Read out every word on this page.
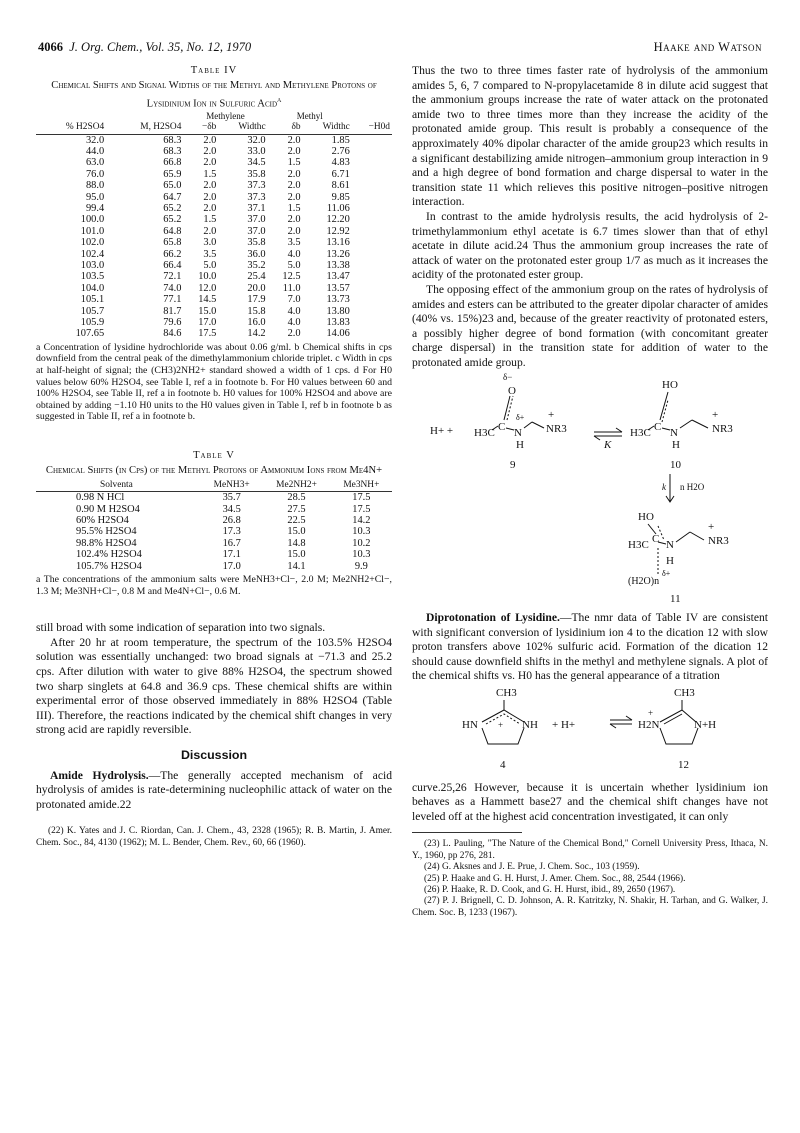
4066 J. Org. Chem., Vol. 35, No. 12, 1970	Haake and Watson

Table IV

Chemical Shifts and Signal Widths of the Methyl and Methylene Protons of Lysidinium Ion in Sulfuric Acid$^a$

		Methylene		Methyl		
% H2SO4	M, H2SO4	−δb	Widthc	δb	Widthc	−H0d
32.0	68.3	2.0	32.0	2.0	1.85	
44.0	68.3	2.0	33.0	2.0	2.76	
63.0	66.8	2.0	34.5	1.5	4.83	
76.0	65.9	1.5	35.8	2.0	6.71	
88.0	65.0	2.0	37.3	2.0	8.61	
95.0	64.7	2.0	37.3	2.0	9.85	
99.4	65.2	2.0	37.1	1.5	11.06	
100.0	65.2	1.5	37.0	2.0	12.20	
101.0	64.8	2.0	37.0	2.0	12.92	
102.0	65.8	3.0	35.8	3.5	13.16	
102.4	66.2	3.5	36.0	4.0	13.26	
103.0	66.4	5.0	35.2	5.0	13.38	
103.5	72.1	10.0	25.4	12.5	13.47	
104.0	74.0	12.0	20.0	11.0	13.57	
105.1	77.1	14.5	17.9	7.0	13.73	
105.7	81.7	15.0	15.8	4.0	13.80	
105.9	79.6	17.0	16.0	4.0	13.83	
107.65	84.6	17.5	14.2	2.0	14.06	

a Concentration of lysidine hydrochloride was about 0.06 g/ml. b Chemical shifts in cps downfield from the central peak of the dimethylammonium chloride triplet. c Width in cps at half-height of signal; the (CH3)2NH2+ standard showed a width of 1 cps. d For H0 values below 60% H2SO4, see Table I, ref a in footnote b. For H0 values between 60 and 100% H2SO4, see Table II, ref a in footnote b. H0 values for 100% H2SO4 and above are obtained by adding −1.10 H0 units to the H0 values given in Table I, ref b in footnote b as suggested in Table II, ref a in footnote b.

Table V

Chemical Shifts (in Cps) of the Methyl Protons of Ammonium Ions from Me4N+

Solventa	MeNH3+	Me2NH2+	Me3NH+
0.98 N HCl	35.7	28.5	17.5
0.90 M H2SO4	34.5	27.5	17.5
60% H2SO4	26.8	22.5	14.2
95.5% H2SO4	17.3	15.0	10.3
98.8% H2SO4	16.7	14.8	10.2
102.4% H2SO4	17.1	15.0	10.3
105.7% H2SO4	17.0	14.1	9.9

a The concentrations of the ammonium salts were MeNH3+Cl−, 2.0 M; Me2NH2+Cl−, 1.3 M; Me3NH+Cl−, 0.8 M and Me4N+Cl−, 0.6 M.

still broad with some indication of separation into two signals.

After 20 hr at room temperature, the spectrum of the 103.5% H2SO4 solution was essentially unchanged: two broad signals at −71.3 and 25.2 cps. After dilution with water to give 88% H2SO4, the spectrum showed two sharp singlets at 64.8 and 36.9 cps. These chemical shifts are within experimental error of those observed immediately in 88% H2SO4 (Table III). Therefore, the reactions indicated by the chemical shift changes in very strong acid are rapidly reversible.

Discussion

Amide Hydrolysis.—The generally accepted mechanism of acid hydrolysis of amides is rate-determining nucleophilic attack of water on the protonated amide.22

(22) K. Yates and J. C. Riordan, Can. J. Chem., 43, 2328 (1965); R. B. Martin, J. Amer. Chem. Soc., 84, 4130 (1962); M. L. Bender, Chem. Rev., 60, 66 (1960).

Thus the two to three times faster rate of hydrolysis of the ammonium amides 5, 6, 7 compared to N-propylacetamide 8 in dilute acid suggest that the ammonium groups increase the rate of water attack on the protonated amide two to three times more than they increase the acidity of the protonated amide group. This result is probably a consequence of the approximately 40% dipolar character of the amide group23 which results in a significant destabilizing amide nitrogen–ammonium group interaction in 9 and a high degree of bond formation and charge dispersal to water in the transition state 11 which relieves this positive nitrogen–positive nitrogen interaction.

In contrast to the amide hydrolysis results, the acid hydrolysis of 2-trimethylammonium ethyl acetate is 6.7 times slower than that of ethyl acetate in dilute acid.24 Thus the ammonium group increases the rate of attack of water on the protonated ester group 1/7 as much as it increases the acidity of the protonated ester group.

The opposing effect of the ammonium group on the rates of hydrolysis of amides and esters can be attributed to the greater dipolar character of amides (40% vs. 15%)23 and, because of the greater reactivity of protonated esters, a possibly higher degree of bond formation (with concomitant greater charge dispersal) in the transition state for addition of water to the protonated amide group.

H+ + H3C C
O
δ−
δ+
N
H
+
NR3
9
K
H3C C
HO
N
H
+
NR3
10
k n H2O
HO
H3C C N
H
+
NR3
(H2O)n
δ+
11

Diprotonation of Lysidine.—The nmr data of Table IV are consistent with significant conversion of lysidinium ion 4 to the dication 12 with slow proton transfers above 102% sulfuric acid. Formation of the dication 12 should cause downfield shifts in the methyl and methylene signals. A plot of the chemical shifts vs. H0 has the general appearance of a titration

CH3
HN + NH + H+
4
CH3
H2N
+
N+H
12

curve.25,26 However, because it is uncertain whether lysidinium ion behaves as a Hammett base27 and the chemical shift changes have not leveled off at the highest acid concentration investigated, it can only

(23) L. Pauling, "The Nature of the Chemical Bond," Cornell University Press, Ithaca, N. Y., 1960, pp 276, 281.

(24) G. Aksnes and J. E. Prue, J. Chem. Soc., 103 (1959).

(25) P. Haake and G. H. Hurst, J. Amer. Chem. Soc., 88, 2544 (1966).

(26) P. Haake, R. D. Cook, and G. H. Hurst, ibid., 89, 2650 (1967).

(27) P. J. Brignell, C. D. Johnson, A. R. Katritzky, N. Shakir, H. Tarhan, and G. Walker, J. Chem. Soc. B, 1233 (1967).
